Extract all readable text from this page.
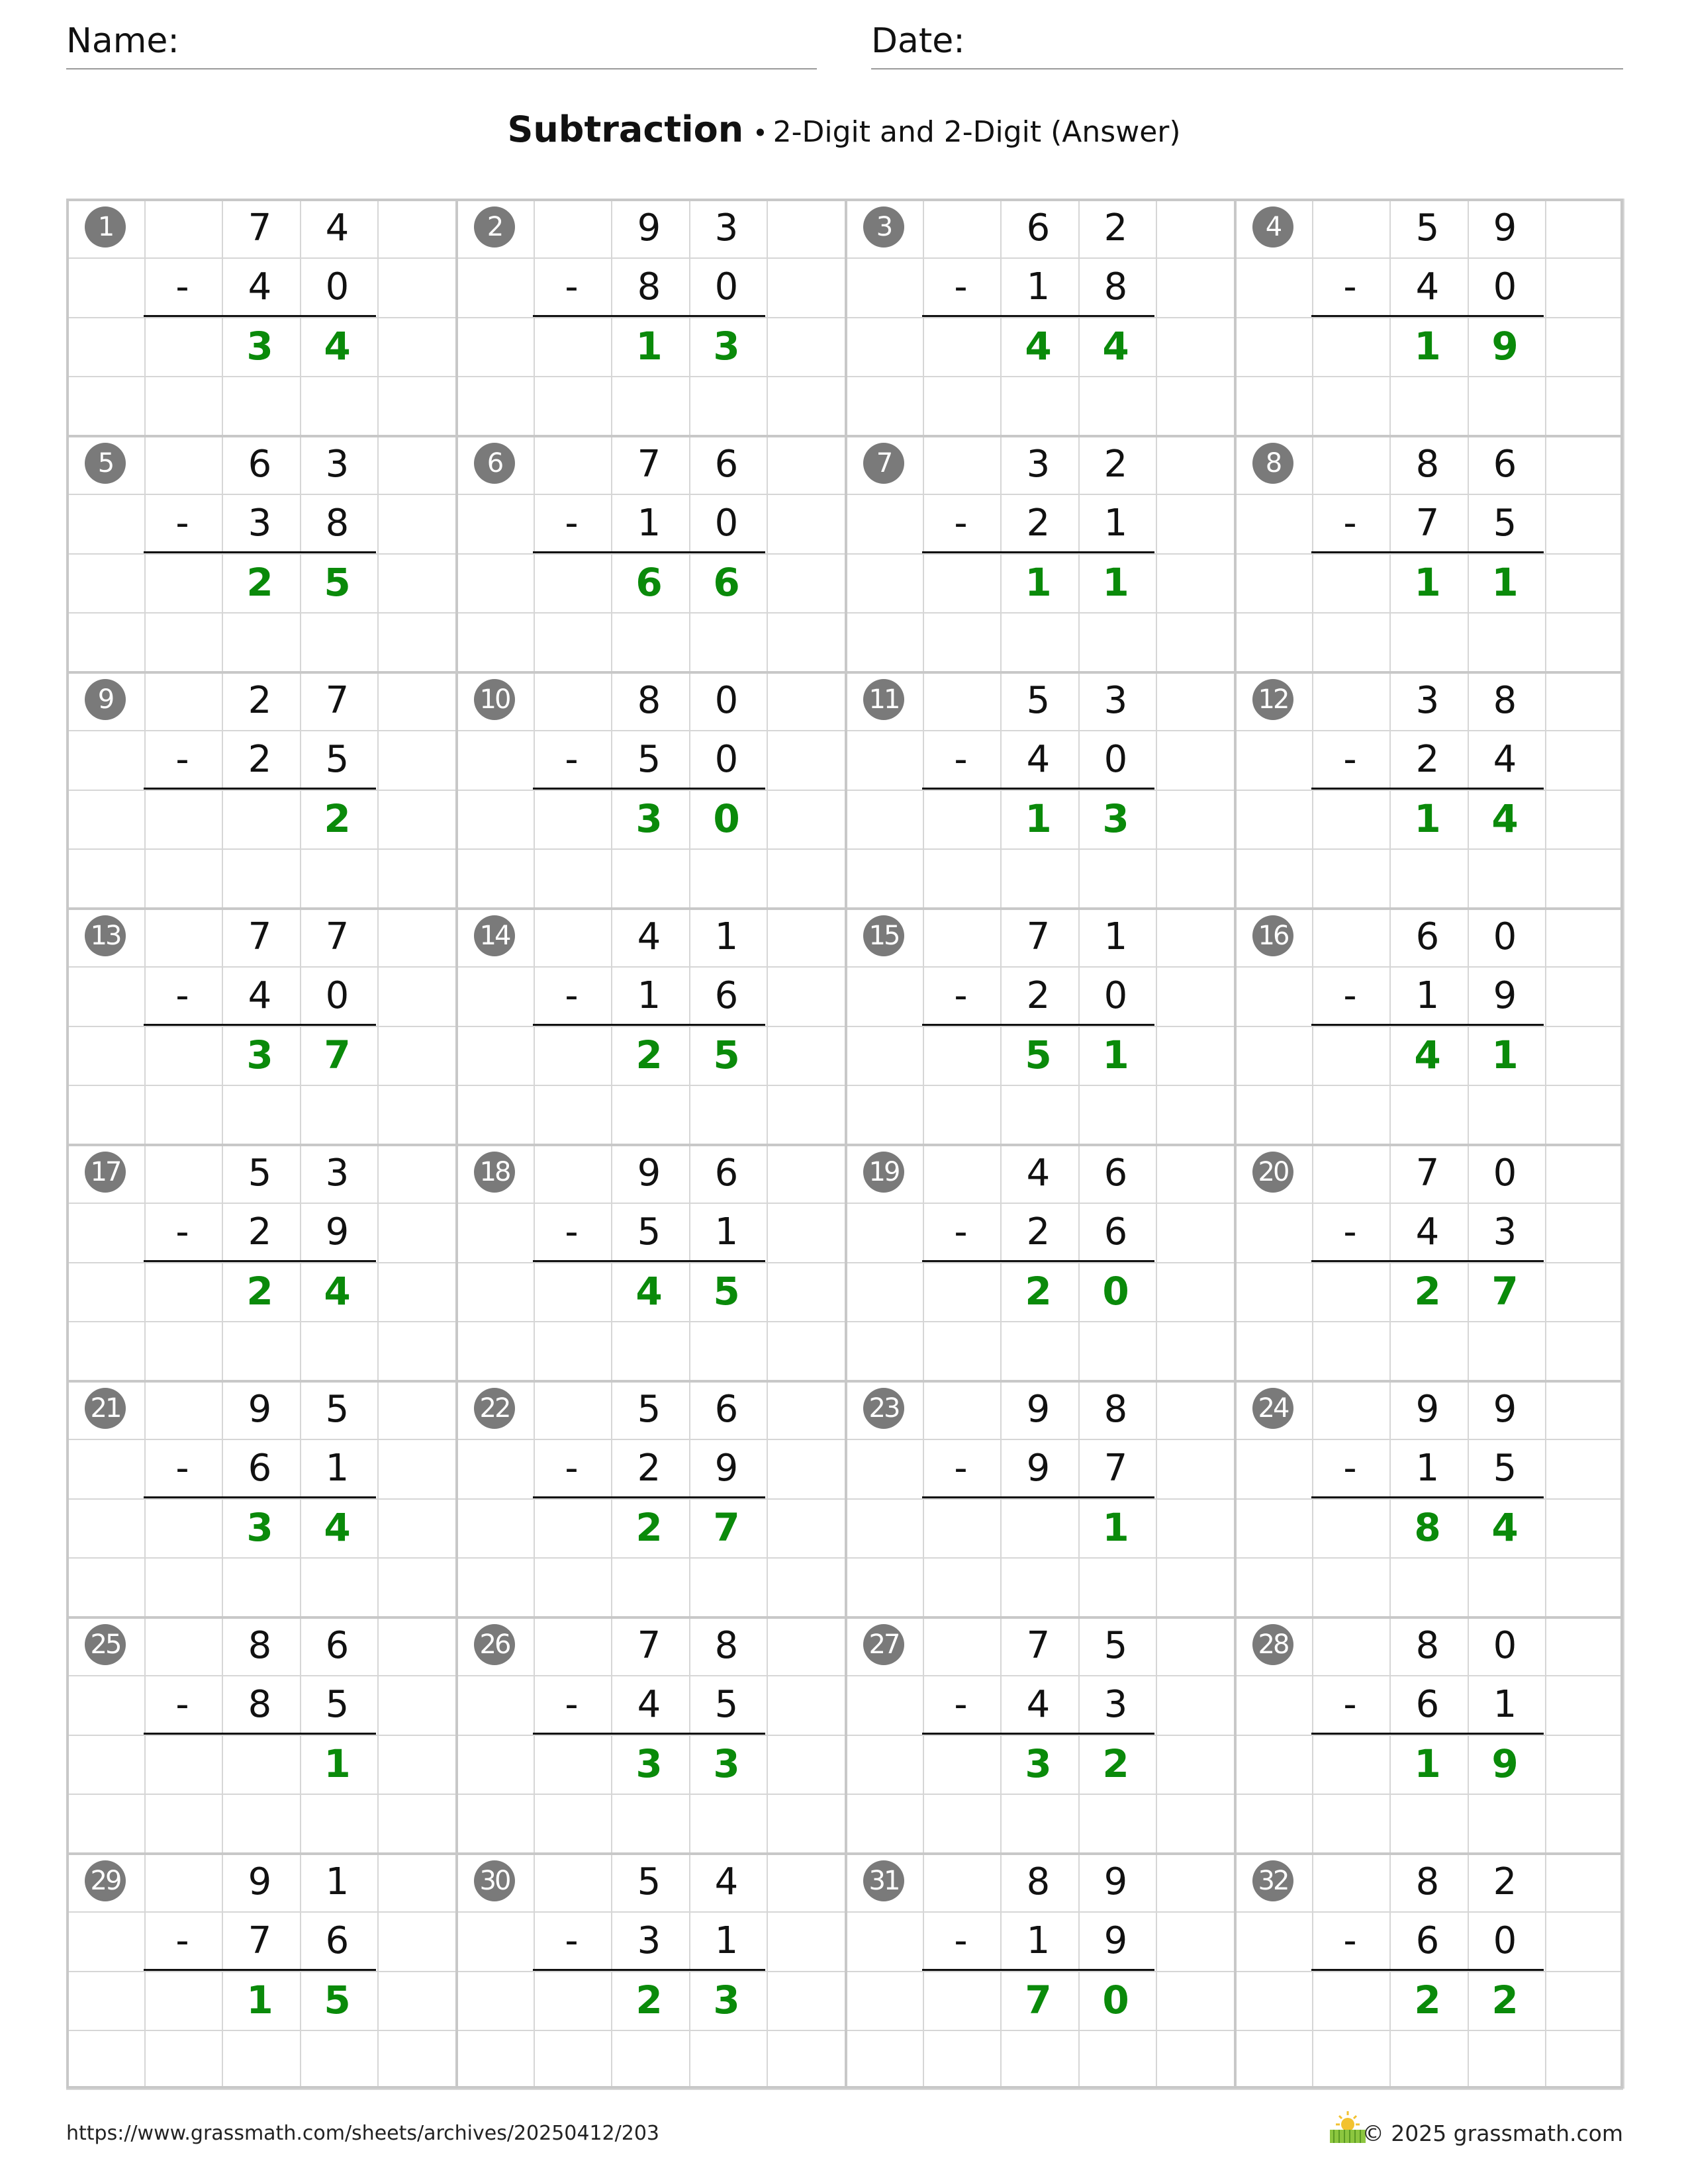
Name:	Date:
Subtraction • 2-Digit and 2-Digit (Answer)
1	7	4
-	4	0
3	4
2	9	3
-	8	0
1	3
3	6	2
-	1	8
4	4
4	5	9
-	4	0
1	9
5	6	3
-	3	8
2	5
6	7	6
-	1	0
6	6
7	3	2
-	2	1
1	1
8	8	6
-	7	5
1	1
9	2	7
-	2	5
2
10	8	0
-	5	0
3	0
11	5	3
-	4	0
1	3
12	3	8
-	2	4
1	4
13	7	7
-	4	0
3	7
14	4	1
-	1	6
2	5
15	7	1
-	2	0
5	1
16	6	0
-	1	9
4	1
17	5	3
-	2	9
2	4
18	9	6
-	5	1
4	5
19	4	6
-	2	6
2	0
20	7	0
-	4	3
2	7
21	9	5
-	6	1
3	4
22	5	6
-	2	9
2	7
23	9	8
-	9	7
1
24	9	9
-	1	5
8	4
25	8	6
-	8	5
1
26	7	8
-	4	5
3	3
27	7	5
-	4	3
3	2
28	8	0
-	6	1
1	9
29	9	1
-	7	6
1	5
30	5	4
-	3	1
2	3
31	8	9
-	1	9
7	0
32	8	2
-	6	0
2	2
https://www.grassmath.com/sheets/archives/20250412/203	© 2025 grassmath.com
